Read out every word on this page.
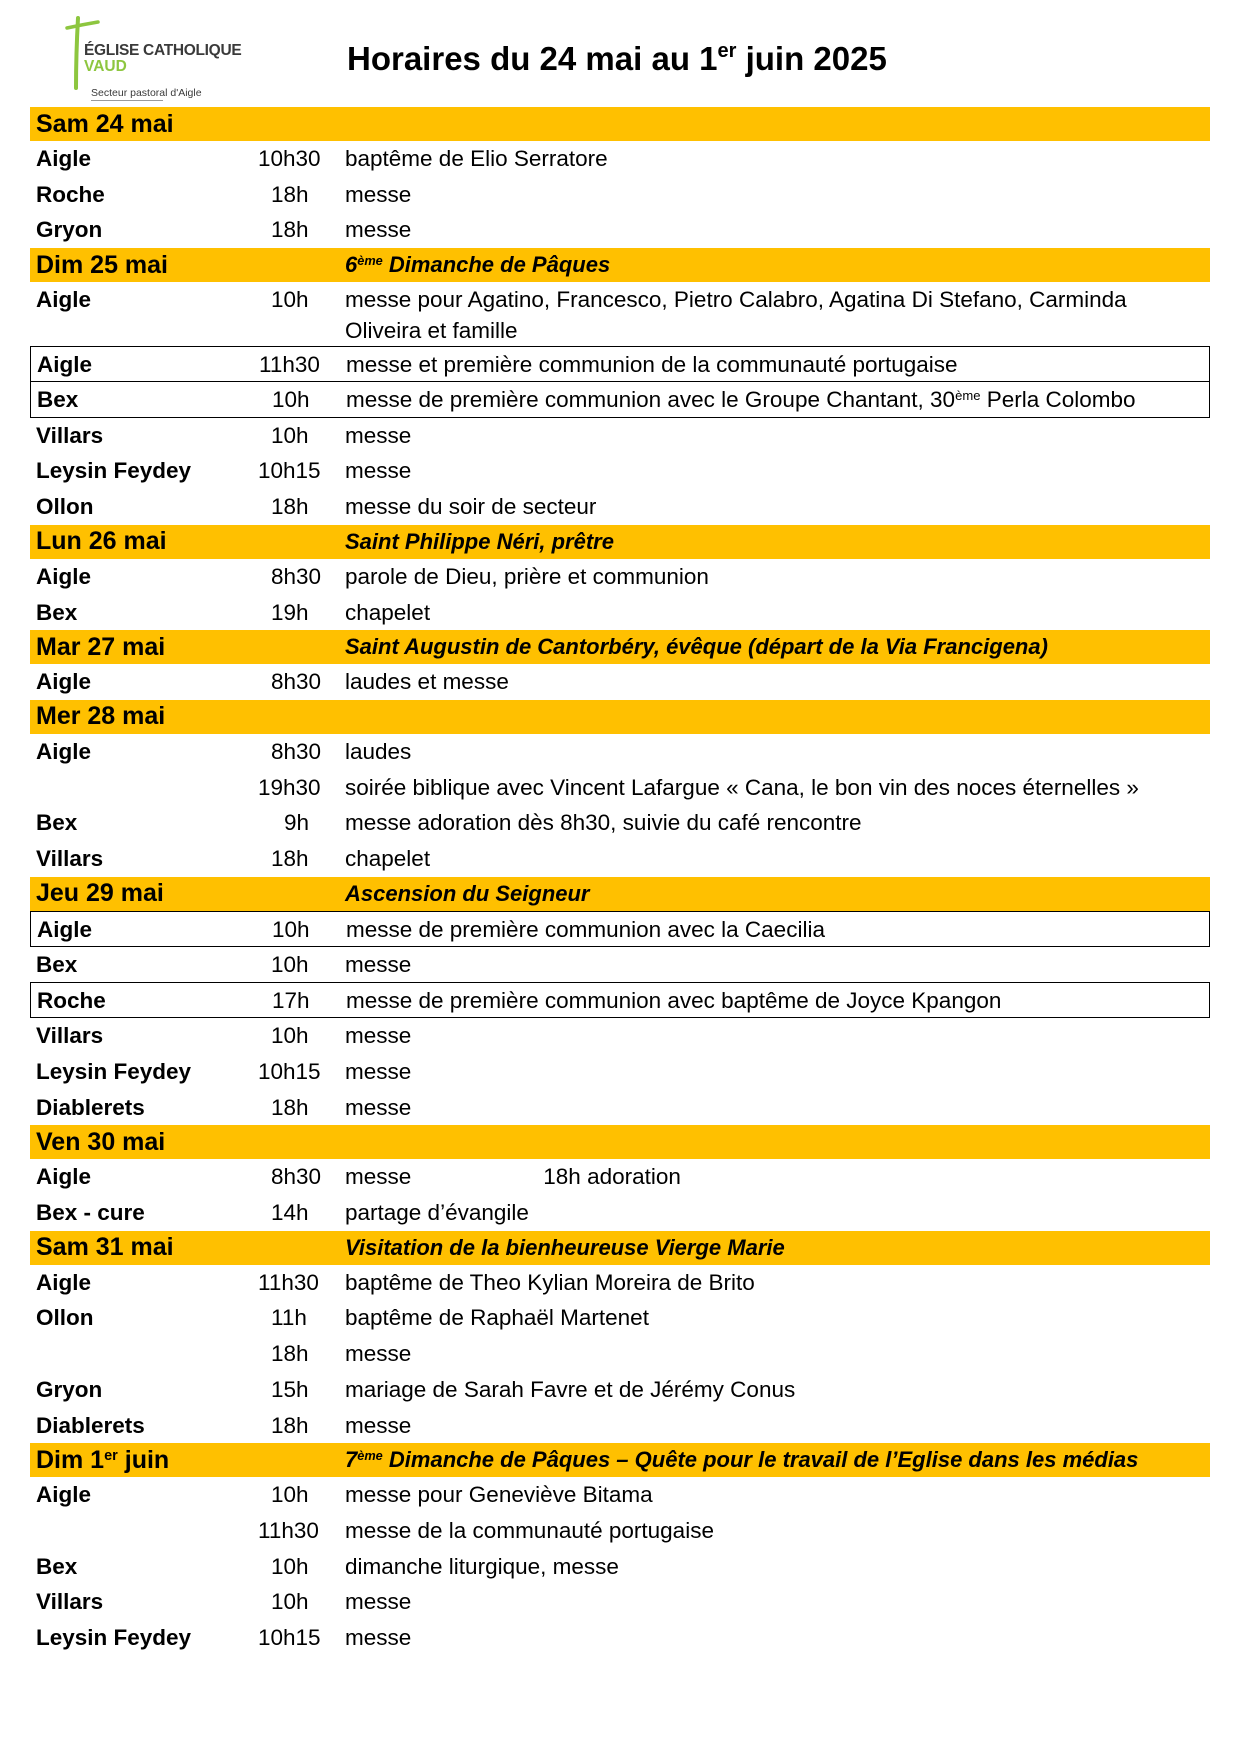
ÉGLISE CATHOLIQUE
VAUD
Secteur pastoral d'Aigle
Horaires du 24 mai au 1er juin 2025
Sam 24 mai
Aigle	10h30	baptême de Elio Serratore
Roche	18h	messe
Gryon	18h	messe
Dim 25 mai	6ème Dimanche de Pâques
Aigle	10h	messe pour Agatino, Francesco, Pietro Calabro, Agatina Di Stefano, Carminda Oliveira et famille
Aigle	11h30	messe et première communion de la communauté portugaise
Bex	10h	messe de première communion avec le Groupe Chantant, 30ème Perla Colombo
Villars	10h	messe
Leysin Feydey	10h15	messe
Ollon	18h	messe du soir de secteur
Lun 26 mai	Saint Philippe Néri, prêtre
Aigle	8h30	parole de Dieu, prière et communion
Bex	19h	chapelet
Mar 27 mai	Saint Augustin de Cantorbéry, évêque (départ de la Via Francigena)
Aigle	8h30	laudes et messe
Mer 28 mai
Aigle	8h30	laudes
19h30	soirée biblique avec Vincent Lafargue « Cana, le bon vin des noces éternelles »
Bex	9h	messe adoration dès 8h30, suivie du café rencontre
Villars	18h	chapelet
Jeu 29 mai	Ascension du Seigneur
Aigle	10h	messe de première communion avec la Caecilia
Bex	10h	messe
Roche	17h	messe de première communion avec baptême de Joyce Kpangon
Villars	10h	messe
Leysin Feydey	10h15	messe
Diablerets	18h	messe
Ven 30 mai
Aigle	8h30	messe	18h adoration
Bex - cure	14h	partage d’évangile
Sam 31 mai	Visitation de la bienheureuse Vierge Marie
Aigle	11h30	baptême de Theo Kylian Moreira de Brito
Ollon	11h	baptême de Raphaël Martenet
18h	messe
Gryon	15h	mariage de Sarah Favre et de Jérémy Conus
Diablerets	18h	messe
Dim 1er juin	7ème Dimanche de Pâques – Quête pour le travail de l’Eglise dans les médias
Aigle	10h	messe pour Geneviève Bitama
11h30	messe de la communauté portugaise
Bex	10h	dimanche liturgique, messe
Villars	10h	messe
Leysin Feydey	10h15	messe
